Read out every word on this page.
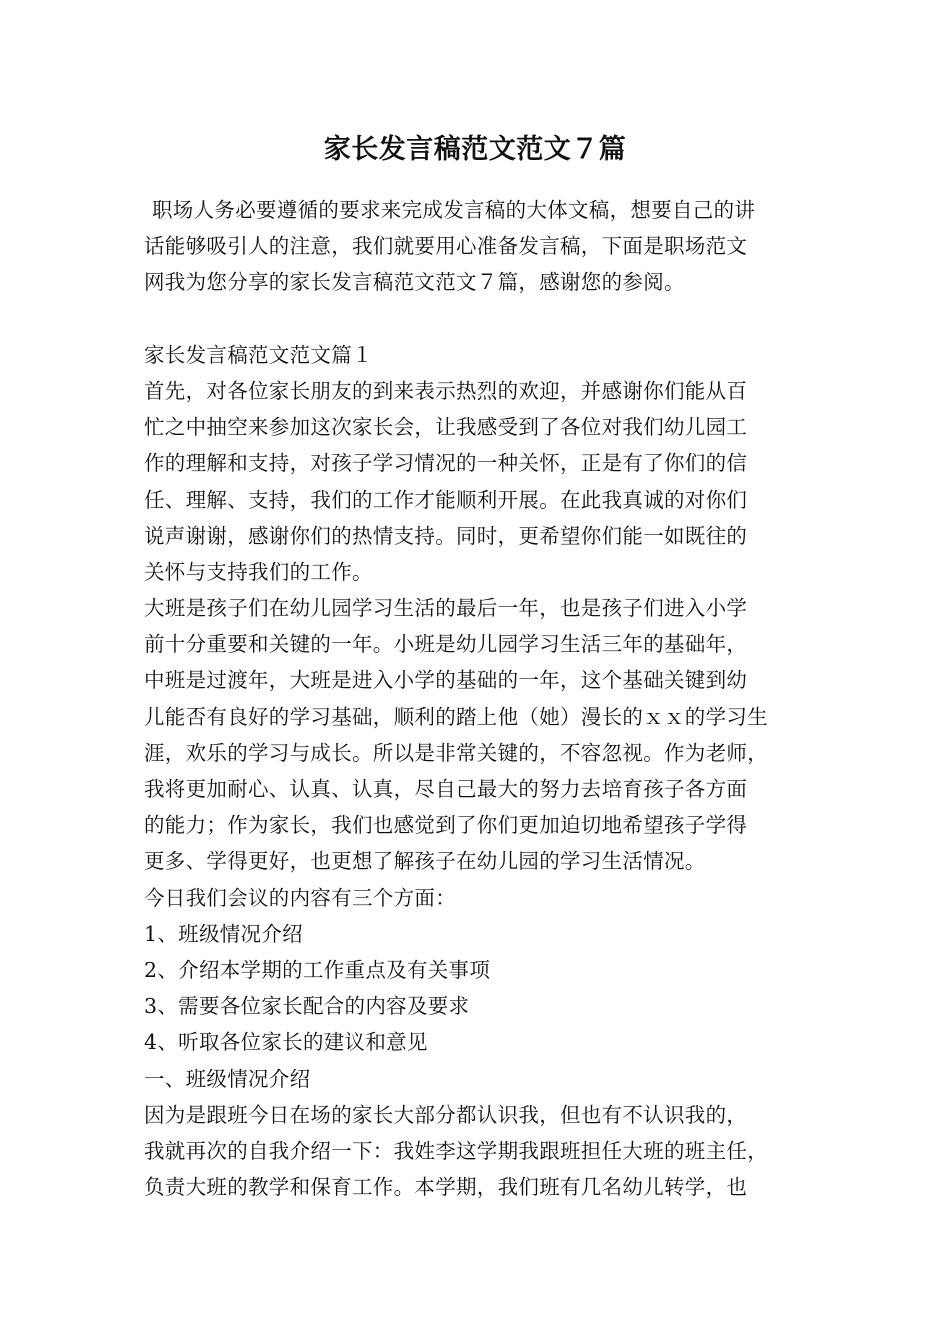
家长发言稿范文范文７篇
职场人务必要遵循的要求来完成发言稿的大体文稿，想要自己的讲
话能够吸引人的注意，我们就要用心准备发言稿，下面是职场范文
网我为您分享的家长发言稿范文范文７篇，感谢您的参阅。
家长发言稿范文范文篇１
首先，对各位家长朋友的到来表示热烈的欢迎，并感谢你们能从百
忙之中抽空来参加这次家长会，让我感受到了各位对我们幼儿园工
作的理解和支持，对孩子学习情况的一种关怀，正是有了你们的信
任、理解、支持，我们的工作才能顺利开展。在此我真诚的对你们
说声谢谢，感谢你们的热情支持。同时，更希望你们能一如既往的
关怀与支持我们的工作。
大班是孩子们在幼儿园学习生活的最后一年，也是孩子们进入小学
前十分重要和关键的一年。小班是幼儿园学习生活三年的基础年，
中班是过渡年，大班是进入小学的基础的一年，这个基础关键到幼
儿能否有良好的学习基础，顺利的踏上他（她）漫长的ｘｘ的学习生
涯，欢乐的学习与成长。所以是非常关键的，不容忽视。作为老师，
我将更加耐心、认真、认真，尽自己最大的努力去培育孩子各方面
的能力；作为家长，我们也感觉到了你们更加迫切地希望孩子学得
更多、学得更好，也更想了解孩子在幼儿园的学习生活情况。
今日我们会议的内容有三个方面：
1、班级情况介绍
2、介绍本学期的工作重点及有关事项
3、需要各位家长配合的内容及要求
4、听取各位家长的建议和意见
一、班级情况介绍
因为是跟班今日在场的家长大部分都认识我，但也有不认识我的，
我就再次的自我介绍一下：我姓李这学期我跟班担任大班的班主任，
负责大班的教学和保育工作。本学期，我们班有几名幼儿转学，也
